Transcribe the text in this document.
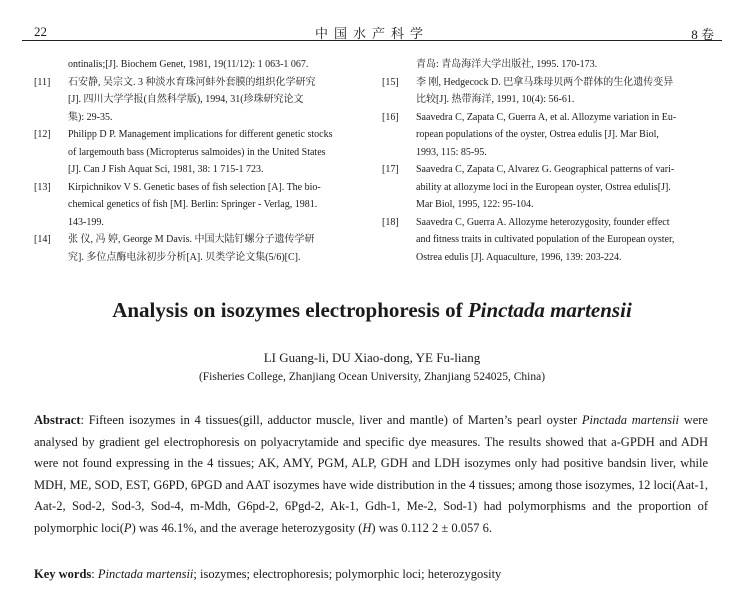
22	中国水产科学	8 卷
ontinalis;[J]. Biochem Genet, 1981, 19(11/12): 1 063-1 067.
[11]	石安静, 吴宗文. 3 种淡水育珠河蚌外套膜的组织化学研究
[J]. 四川大学学报(自然科学版), 1994, 31(珍珠研究论文
集): 29-35.
[12]	Philipp D P. Management implications for different genetic stocks
of largemouth bass (Micropterus salmoides) in the United States
[J]. Can J Fish Aquat Sci, 1981, 38: 1 715-1 723.
[13]	Kirpichnikov V S. Genetic bases of fish selection [A]. The bio-
chemical genetics of fish [M]. Berlin: Springer - Verlag, 1981.
143-199.
[14]	张 仪, 冯 婷, George M Davis. 中国大陆钉螺分子遗传学研
究]. 多位点酶电泳初步分析[A]. 贝类学论文集(5/6)[C].
青岛: 青岛海洋大学出版社, 1995. 170-173.
[15]	李 刚, Hedgecock D. 巴拿马珠母贝两个群体的生化遗传变异
比较[J]. 热带海洋, 1991, 10(4): 56-61.
[16]	Saavedra C, Zapata C, Guerra A, et al. Allozyme variation in Eu-
ropean populations of the oyster, Ostrea edulis [J]. Mar Biol,
1993, 115: 85-95.
[17]	Saavedra C, Zapata C, Alvarez G. Geographical patterns of vari-
ability at allozyme loci in the European oyster, Ostrea edulis[J].
Mar Biol, 1995, 122: 95-104.
[18]	Saavedra C, Guerra A. Allozyme heterozygosity, founder effect
and fitness traits in cultivated population of the European oyster,
Ostrea edulis [J]. Aquaculture, 1996, 139: 203-224.
Analysis on isozymes electrophoresis of Pinctada martensii
LI Guang-li, DU Xiao-dong, YE Fu-liang
(Fisheries College, Zhanjiang Ocean University, Zhanjiang 524025, China)
Abstract: Fifteen isozymes in 4 tissues(gill, adductor muscle, liver and mantle) of Marten’s pearl oyster Pinctada martensii were analysed by gradient gel electrophoresis on polyacrytamide and specific dye measures. The results showed that a-GPDH and ADH were not found expressing in the 4 tissues; AK, AMY, PGM, ALP, GDH and LDH isozymes only had positive bandsin liver, while MDH, ME, SOD, EST, G6PD, 6PGD and AAT isozymes have wide distribution in the 4 tissues; among those isozymes, 12 loci(Aat-1, Aat-2, Sod-2, Sod-3, Sod-4, m-Mdh, G6pd-2, 6Pgd-2, Ak-1, Gdh-1, Me-2, Sod-1) had polymorphisms and the proportion of polymorphic loci(P) was 46.1%, and the average heterozygosity (H) was 0.112 2 ± 0.057 6.
Key words: Pinctada martensii; isozymes; electrophoresis; polymorphic loci; heterozygosity
